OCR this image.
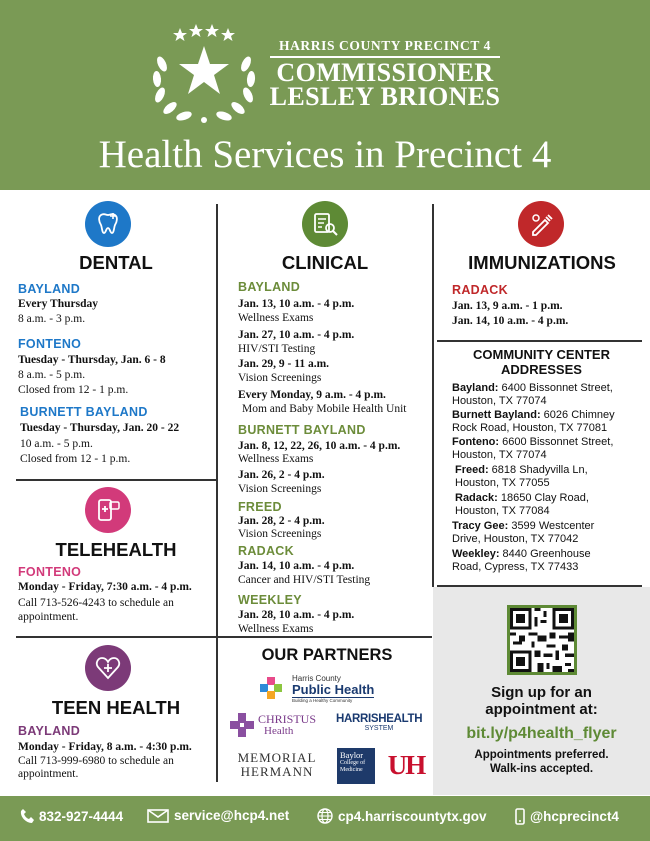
HARRIS COUNTY PRECINCT 4
COMMISSIONER
LESLEY BRIONES
Health Services in Precinct 4
DENTAL
BAYLAND
Every Thursday
8 a.m. - 3 p.m.
FONTENO
Tuesday - Thursday, Jan. 6 - 8
8 a.m. - 5 p.m.
Closed from 12 - 1 p.m.
BURNETT BAYLAND
Tuesday - Thursday, Jan. 20 - 22
10 a.m. - 5 p.m.
Closed from 12 - 1 p.m.
TELEHEALTH
FONTENO
Monday - Friday, 7:30 a.m. - 4 p.m.
Call 713-526-4243 to schedule an
appointment.
TEEN HEALTH
BAYLAND
Monday - Friday, 8 a.m. - 4:30 p.m.
Call 713-999-6980 to schedule an
appointment.
CLINICAL
BAYLAND
Jan. 13, 10 a.m. - 4 p.m.
Wellness Exams
Jan. 27, 10 a.m. - 4 p.m.
HIV/STI Testing
Jan. 29, 9 - 11 a.m.
Vision Screenings
Every Monday, 9 a.m. - 4 p.m.
Mom and Baby Mobile Health Unit
BURNETT BAYLAND
Jan. 8, 12, 22, 26, 10 a.m. - 4 p.m.
Wellness Exams
Jan. 26, 2 - 4 p.m.
Vision Screenings
FREED
Jan. 28, 2 - 4 p.m.
Vision Screenings
RADACK
Jan. 14, 10 a.m. - 4 p.m.
Cancer and HIV/STI Testing
WEEKLEY
Jan. 28, 10 a.m. - 4 p.m.
Wellness Exams
IMMUNIZATIONS
RADACK
Jan. 13, 9 a.m. - 1 p.m.
Jan. 14, 10 a.m. - 4 p.m.
COMMUNITY CENTER
ADDRESSES
Bayland: 6400 Bissonnet Street,
Houston, TX 77074
Burnett Bayland: 6026 Chimney
Rock Road, Houston, TX 77081
Fonteno: 6600 Bissonnet Street,
Houston, TX 77074
Freed: 6818 Shadyvilla Ln,
Houston, TX 77055
Radack: 18650 Clay Road,
Houston, TX 77084
Tracy Gee: 3599 Westcenter
Drive, Houston, TX 77042
Weekley: 8440 Greenhouse
Road, Cypress, TX 77433
Sign up for an
appointment at:
bit.ly/p4health_flyer
Appointments preferred.
Walk-ins accepted.
OUR PARTNERS
Harris County
Public Health
Building a Healthy Community
CHRISTUS
Health
HARRISHEALTH
SYSTEM
MEMORIAL
HERMANN
Baylor
College of
Medicine UH
832-927-4444	service@hcp4.net	cp4.harriscountytx.gov	@hcprecinct4
